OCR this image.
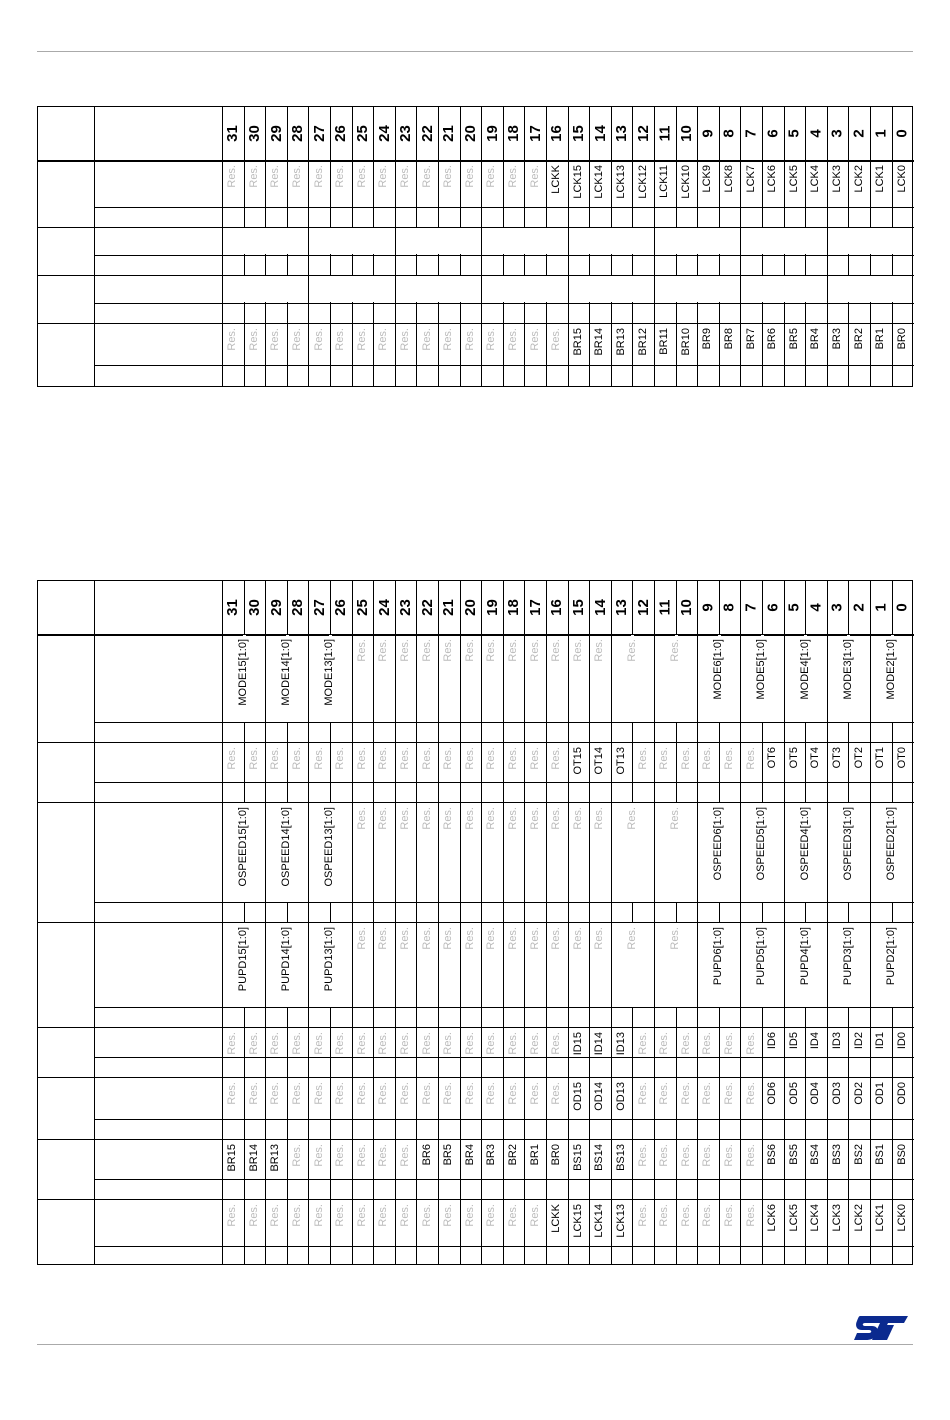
31 30 29 28 27 26 25 24 23 22 21 20 19 18 17 16 15 14 13 12 11 10 9 8 7 6 5 4 3 2 1 0
Res. Res. Res. Res. Res. Res. Res. Res. Res. Res. Res. Res. Res. Res. Res. LCKK LCK15 LCK14 LCK13 LCK12 LCK11 LCK10 LCK9 LCK8 LCK7 LCK6 LCK5 LCK4 LCK3 LCK2 LCK1 LCK0
Res. Res. Res. Res. Res. Res. Res. Res. Res. Res. Res. Res. Res. Res. Res. Res. BR15 BR14 BR13 BR12 BR11 BR10 BR9 BR8 BR7 BR6 BR5 BR4 BR3 BR2 BR1 BR0
31 30 29 28 27 26 25 24 23 22 21 20 19 18 17 16 15 14 13 12 11 10 9 8 7 6 5 4 3 2 1 0
MODE15[1:0]	MODE14[1:0]	MODE13[1:0] Res. Res. Res. Res. Res. Res. Res. Res. Res. Res. Res. Res. Res.	Res.	MODE6[1:0]	MODE5[1:0]	MODE4[1:0]	MODE3[1:0]	MODE2[1:0]
Res. Res. Res. Res. Res. Res. Res. Res. Res. Res. Res. Res. Res. Res. Res. Res. OT15 OT14 OT13 Res. Res. Res. Res. Res. Res. OT6 OT5 OT4 OT3 OT2 OT1 OT0
OSPEED15[1:0]	OSPEED14[1:0]	OSPEED13[1:0] Res. Res. Res. Res. Res. Res. Res. Res. Res. Res. Res. Res. Res.	Res.	OSPEED6[1:0]	OSPEED5[1:0]	OSPEED4[1:0]	OSPEED3[1:0]	OSPEED2[1:0]
PUPD15[1:0]	PUPD14[1:0]	PUPD13[1:0] Res. Res. Res. Res. Res. Res. Res. Res. Res. Res. Res. Res. Res.	Res.	PUPD6[1:0]	PUPD5[1:0]	PUPD4[1:0]	PUPD3[1:0]	PUPD2[1:0]
Res. Res. Res. Res. Res. Res. Res. Res. Res. Res. Res. Res. Res. Res. Res. Res. ID15 ID14 ID13 Res. Res. Res. Res. Res. Res. ID6 ID5 ID4 ID3 ID2 ID1 ID0
Res. Res. Res. Res. Res. Res. Res. Res. Res. Res. Res. Res. Res. Res. Res. Res. OD15 OD14 OD13 Res. Res. Res. Res. Res. Res. OD6 OD5 OD4 OD3 OD2 OD1 OD0
BR15 BR14 BR13 Res. Res. Res. Res. Res. Res. BR6 BR5 BR4 BR3 BR2 BR1 BR0 BS15 BS14 BS13 Res. Res. Res. Res. Res. Res. BS6 BS5 BS4 BS3 BS2 BS1 BS0
Res. Res. Res. Res. Res. Res. Res. Res. Res. Res. Res. Res. Res. Res. Res. LCKK LCK15 LCK14 LCK13 Res. Res. Res. Res. Res. Res. LCK6 LCK5 LCK4 LCK3 LCK2 LCK1 LCK0
